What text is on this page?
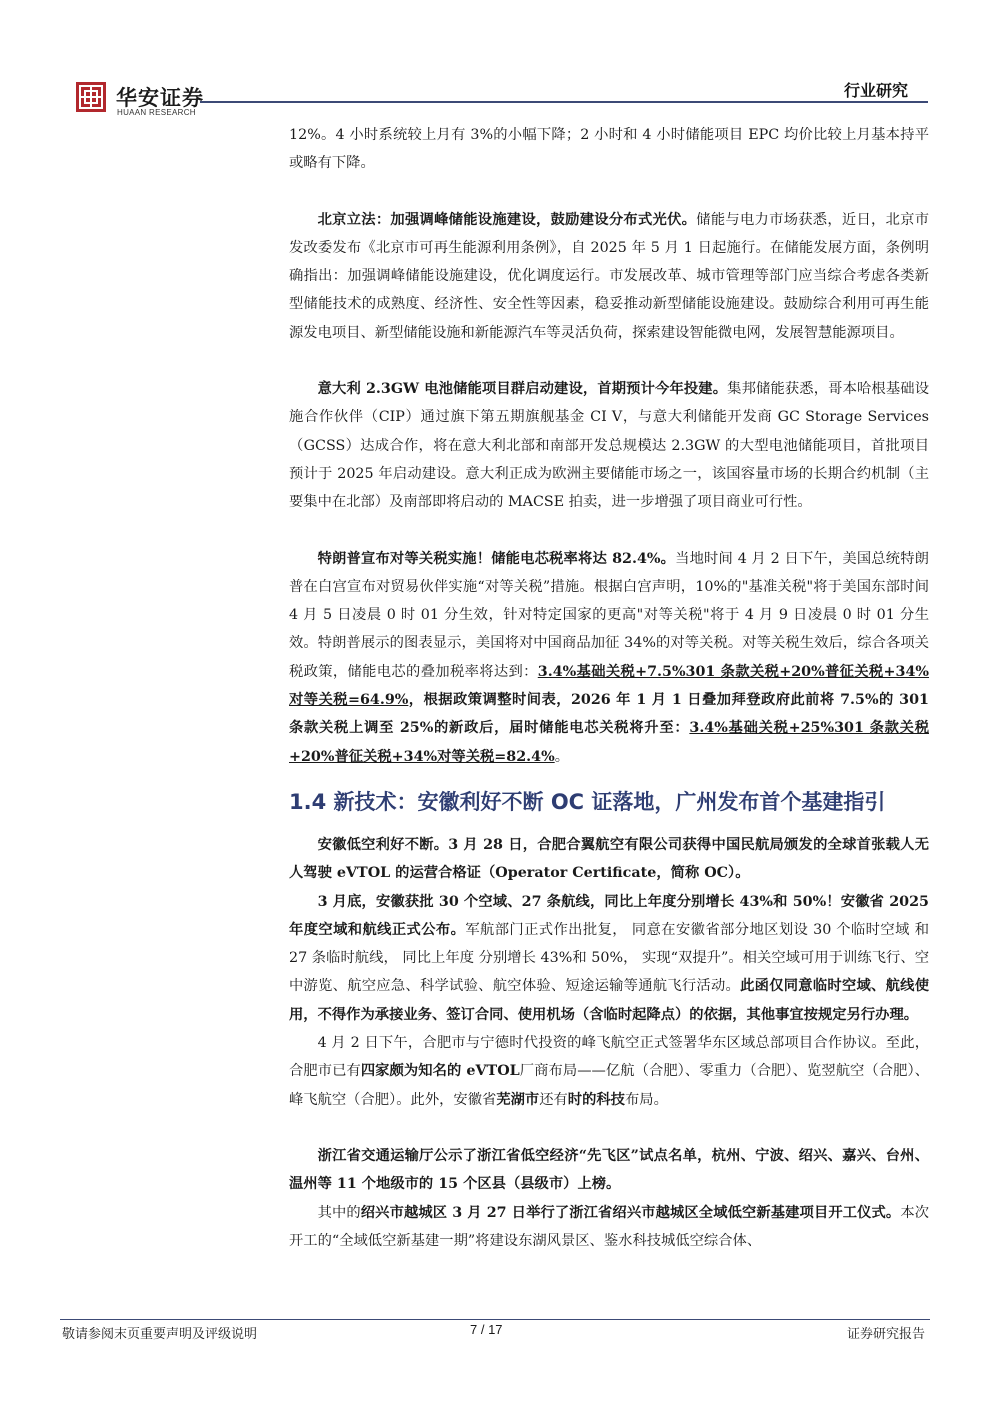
华安证券
HUAAN RESEARCH
行业研究

12%。4 小时系统较上月有 3%的小幅下降；2 小时和 4 小时储能项目 EPC 均价比较上月基本持平或略有下降。

北京立法：加强调峰储能设施建设，鼓励建设分布式光伏。储能与电力市场获悉，近日，北京市发改委发布《北京市可再生能源利用条例》，自 2025 年 5 月 1 日起施行。在储能发展方面，条例明确指出：加强调峰储能设施建设，优化调度运行。市发展改革、城市管理等部门应当综合考虑各类新型储能技术的成熟度、经济性、安全性等因素，稳妥推动新型储能设施建设。鼓励综合利用可再生能源发电项目、新型储能设施和新能源汽车等灵活负荷，探索建设智能微电网，发展智慧能源项目。

意大利 2.3GW 电池储能项目群启动建设，首期预计今年投建。集邦储能获悉，哥本哈根基础设施合作伙伴（CIP）通过旗下第五期旗舰基金 CI V，与意大利储能开发商 GC Storage Services（GCSS）达成合作，将在意大利北部和南部开发总规模达 2.3GW 的大型电池储能项目，首批项目预计于 2025 年启动建设。意大利正成为欧洲主要储能市场之一，该国容量市场的长期合约机制（主要集中在北部）及南部即将启动的 MACSE 拍卖，进一步增强了项目商业可行性。

特朗普宣布对等关税实施！储能电芯税率将达 82.4%。当地时间 4 月 2 日下午，美国总统特朗普在白宫宣布对贸易伙伴实施“对等关税”措施。根据白宫声明，10%的"基准关税"将于美国东部时间 4 月 5 日凌晨 0 时 01 分生效，针对特定国家的更高"对等关税"将于 4 月 9 日凌晨 0 时 01 分生效。特朗普展示的图表显示，美国将对中国商品加征 34%的对等关税。对等关税生效后，综合各项关税政策，储能电芯的叠加税率将达到：3.4%基础关税+7.5%301 条款关税+20%普征关税+34%对等关税=64.9%，根据政策调整时间表，2026 年 1 月 1 日叠加拜登政府此前将 7.5%的 301 条款关税上调至 25%的新政后，届时储能电芯关税将升至：3.4%基础关税+25%301 条款关税+20%普征关税+34%对等关税=82.4%。

1.4 新技术：安徽利好不断 OC 证落地，广州发布首个基建指引

安徽低空利好不断。3 月 28 日，合肥合翼航空有限公司获得中国民航局颁发的全球首张载人无人驾驶 eVTOL 的运营合格证（Operator Certificate，简称 OC）。

3 月底，安徽获批 30 个空域、27 条航线，同比上年度分别增长 43%和 50%！安徽省 2025 年度空域和航线正式公布。军航部门正式作出批复， 同意在安徽省部分地区划设 30 个临时空域 和 27 条临时航线， 同比上年度 分别增长 43%和 50%， 实现“双提升”。相关空域可用于训练飞行、空中游览、航空应急、科学试验、航空体验、短途运输等通航飞行活动。此函仅同意临时空域、航线使用，不得作为承接业务、签订合同、使用机场（含临时起降点）的依据，其他事宜按规定另行办理。

4 月 2 日下午，合肥市与宁德时代投资的峰飞航空正式签署华东区域总部项目合作协议。至此，合肥市已有四家颇为知名的 eVTOL厂商布局——亿航（合肥）、零重力（合肥）、览翌航空（合肥）、峰飞航空（合肥）。此外，安徽省芜湖市还有时的科技布局。

浙江省交通运输厅公示了浙江省低空经济“先飞区”试点名单，杭州、宁波、绍兴、嘉兴、台州、温州等 11 个地级市的 15 个区县（县级市）上榜。

其中的绍兴市越城区 3 月 27 日举行了浙江省绍兴市越城区全域低空新基建项目开工仪式。本次开工的“全域低空新基建一期”将建设东湖风景区、鉴水科技城低空综合体、

敬请参阅末页重要声明及评级说明	7 / 17	证券研究报告
